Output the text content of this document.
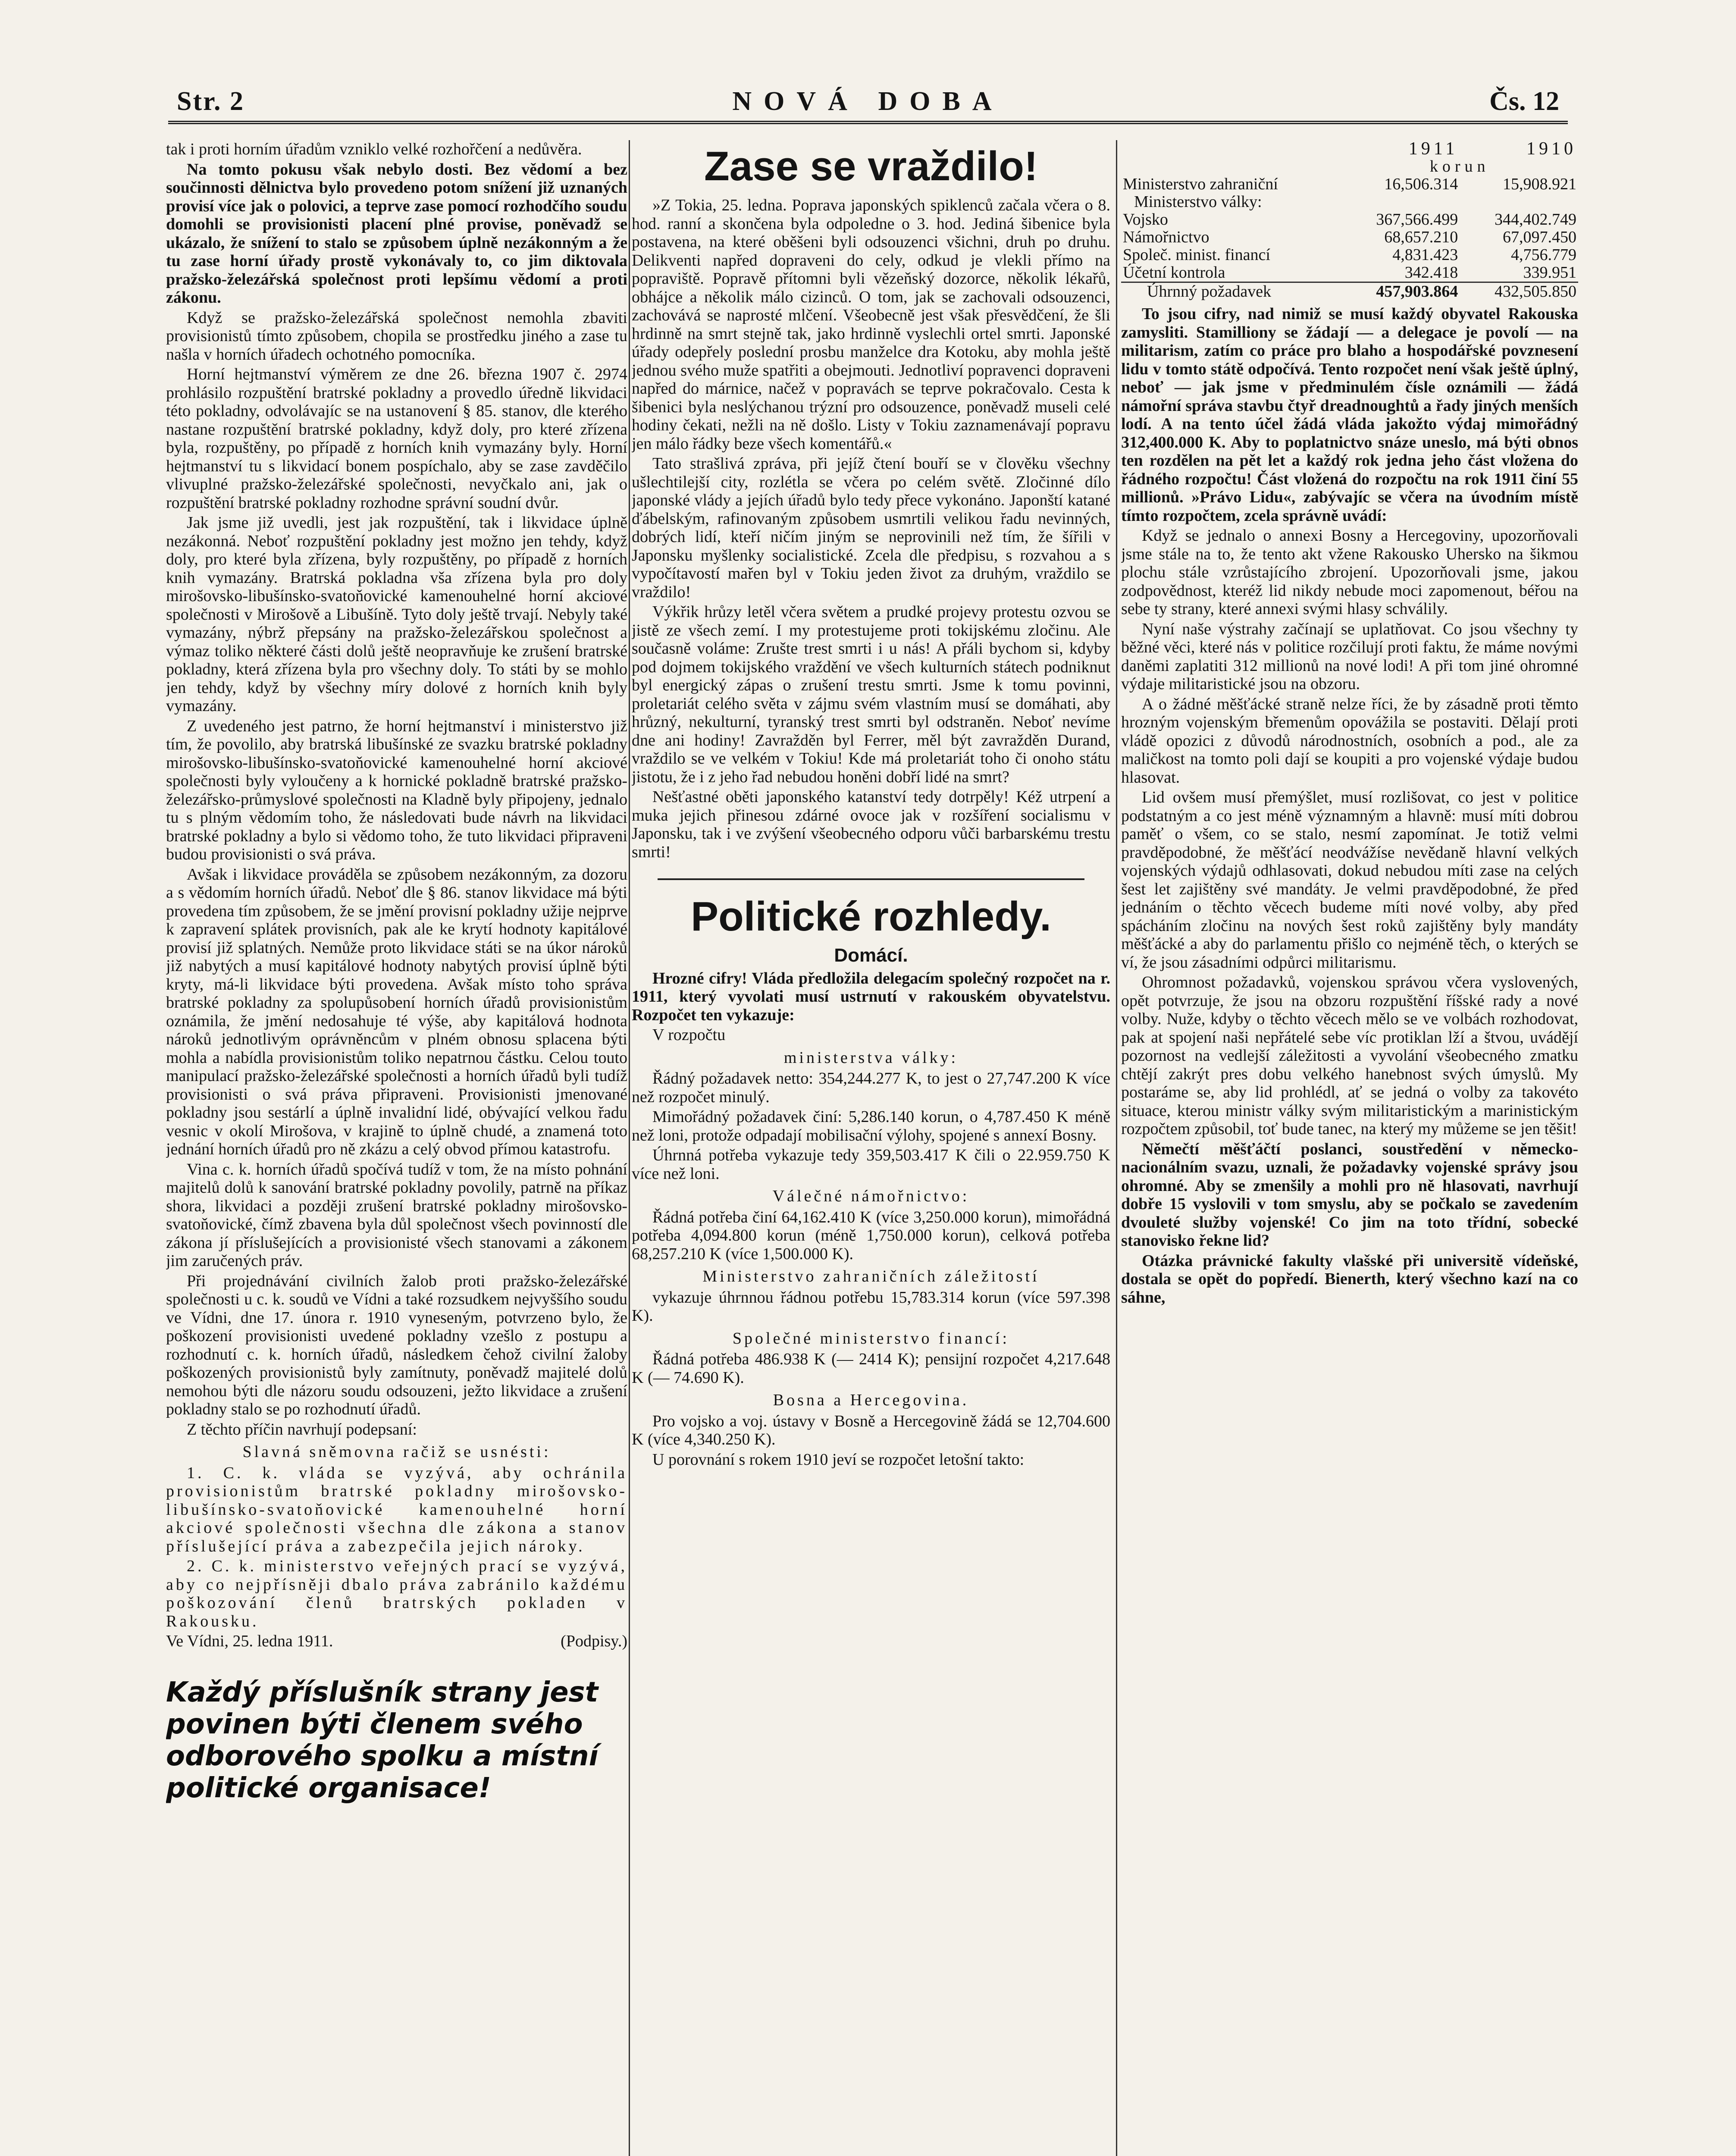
Str. 2	NOVÁ DOBA	Čs. 12

tak i proti horním úřadům vzniklo velké rozhořčení a nedůvěra.

Na tomto pokusu však nebylo dosti. Bez vědomí a bez součinnosti dělnictva bylo provedeno potom snížení již uznaných provisí více jak o polovici, a teprve zase pomocí rozhodčího soudu domohli se provisionisti placení plné provise, poněvadž se ukázalo, že snížení to stalo se způsobem úplně nezákonným a že tu zase horní úřady prostě vykonávaly to, co jim diktovala pražsko-železářská společnost proti lepšímu vědomí a proti zákonu.

Když se pražsko-železářská společnost nemohla zbaviti provisionistů tímto způsobem, chopila se prostředku jiného a zase tu našla v horních úřadech ochotného pomocníka.

Horní hejtmanství výměrem ze dne 26. března 1907 č. 2974 prohlásilo rozpuštění bratrské pokladny a provedlo úředně likvidaci této pokladny, odvolávajíc se na ustanovení § 85. stanov, dle kterého nastane rozpuštění bratrské pokladny, když doly, pro které zřízena byla, rozpuštěny, po případě z horních knih vymazány byly. Horní hejtmanství tu s likvidací bonem pospíchalo, aby se zase zavděčilo vlivuplné pražsko-železářské společnosti, nevyčkalo ani, jak o rozpuštění bratrské pokladny rozhodne správní soudní dvůr.

Jak jsme již uvedli, jest jak rozpuštění, tak i likvidace úplně nezákonná. Neboť rozpuštění pokladny jest možno jen tehdy, když doly, pro které byla zřízena, byly rozpuštěny, po případě z horních knih vymazány. Bratrská pokladna vša zřízena byla pro doly mirošovsko-libušínsko-svatoňovické kamenouhelné horní akciové společnosti v Mirošově a Libušíně. Tyto doly ještě trvají. Nebyly také vymazány, nýbrž přepsány na pražsko-železářskou společnost a výmaz toliko některé části dolů ještě neopravňuje ke zrušení bratrské pokladny, která zřízena byla pro všechny doly. To státi by se mohlo jen tehdy, když by všechny míry dolové z horních knih byly vymazány.

Z uvedeného jest patrno, že horní hejtmanství i ministerstvo již tím, že povolilo, aby bratrská libušínské ze svazku bratrské pokladny mirošovsko-libušínsko-svatoňovické kamenouhelné horní akciové společnosti byly vyloučeny a k hornické pokladně bratrské pražsko-železářsko-průmyslové společnosti na Kladně byly připojeny, jednalo tu s plným vědomím toho, že následovati bude návrh na likvidaci bratrské pokladny a bylo si vědomo toho, že tuto likvidaci připraveni budou provisionisti o svá práva.

Avšak i likvidace prováděla se způsobem nezákonným, za dozoru a s vědomím horních úřadů. Neboť dle § 86. stanov likvidace má býti provedena tím způsobem, že se jmění provisní pokladny užije nejprve k zapravení splátek provisních, pak ale ke krytí hodnoty kapitálové provisí již splatných. Nemůže proto likvidace státi se na úkor nároků již nabytých a musí kapitálové hodnoty nabytých provisí úplně býti kryty, má-li likvidace býti provedena. Avšak místo toho správa bratrské pokladny za spolupůsobení horních úřadů provisionistům oznámila, že jmění nedosahuje té výše, aby kapitálová hodnota nároků jednotlivým oprávněncům v plném obnosu splacena býti mohla a nabídla provisionistům toliko nepatrnou částku. Celou touto manipulací pražsko-železářské společnosti a horních úřadů byli tudíž provisionisti o svá práva připraveni. Provisionisti jmenované pokladny jsou sestárlí a úplně invalidní lidé, obývající velkou řadu vesnic v okolí Mirošova, v krajině to úplně chudé, a znamená toto jednání horních úřadů pro ně zkázu a celý obvod přímou katastrofu.

Vina c. k. horních úřadů spočívá tudíž v tom, že na místo pohnání majitelů dolů k sanování bratrské pokladny povolily, patrně na příkaz shora, likvidaci a později zrušení bratrské pokladny mirošovsko-svatoňovické, čímž zbavena byla důl společnost všech povinností dle zákona jí příslušejících a provisionisté všech stanovami a zákonem jim zaručených práv.

Při projednávání civilních žalob proti pražsko-železářské společnosti u c. k. soudů ve Vídni a také rozsudkem nejvyššího soudu ve Vídni, dne 17. února r. 1910 vyneseným, potvrzeno bylo, že poškození provisionisti uvedené pokladny vzešlo z postupu a rozhodnutí c. k. horních úřadů, následkem čehož civilní žaloby poškozených provisionistů byly zamítnuty, poněvadž majitelé dolů nemohou býti dle názoru soudu odsouzeni, ježto likvidace a zrušení pokladny stalo se po rozhodnutí úřadů.

Z těchto příčin navrhují podepsaní:

Slavná sněmovna račiž se usnésti:

1. C. k. vláda se vyzývá, aby ochránila provisionistům bratrské pokladny mirošovsko-libušínsko-svatoňovické kamenouhelné horní akciové společnosti všechna dle zákona a stanov příslušející práva a zabezpečila jejich nároky.

2. C. k. ministerstvo veřejných prací se vyzývá, aby co nejpřísněji dbalo práva zabránilo každému poškozování členů bratrských pokladen v Rakousku.

Ve Vídni, 25. ledna 1911.	(Podpisy.)
Každý příslušník strany jest povinen býti členem svého odborového spolku a místní politické organisace!
Zase se vraždilo!

»Z Tokia, 25. ledna. Poprava japonských spiklenců začala včera o 8. hod. ranní a skončena byla odpoledne o 3. hod. Jediná šibenice byla postavena, na které oběšeni byli odsouzenci všichni, druh po druhu. Delikventi napřed dopraveni do cely, odkud je vlekli přímo na popraviště. Popravě přítomni byli vězeňský dozorce, několik lékařů, obhájce a několik málo cizinců. O tom, jak se zachovali odsouzenci, zachovává se naprosté mlčení. Všeobecně jest však přesvědčení, že šli hrdinně na smrt stejně tak, jako hrdinně vyslechli ortel smrti. Japonské úřady odepřely poslední prosbu manželce dra Kotoku, aby mohla ještě jednou svého muže spatřiti a obejmouti. Jednotliví popravenci dopraveni napřed do márnice, načež v popravách se teprve pokračovalo. Cesta k šibenici byla neslýchanou trýzní pro odsouzence, poněvadž museli celé hodiny čekati, nežli na ně došlo. Listy v Tokiu zaznamenávají popravu jen málo řádky beze všech komentářů.«

Tato strašlivá zpráva, při jejíž čtení bouří se v člověku všechny ušlechtilejší city, rozlétla se včera po celém světě. Zločinné dílo japonské vlády a jejích úřadů bylo tedy přece vykonáno. Japonští katané ďábelským, rafinovaným způsobem usmrtili velikou řadu nevinných, dobrých lidí, kteří ničím jiným se neprovinili než tím, že šířili v Japonsku myšlenky socialistické. Zcela dle předpisu, s rozvahou a s vypočítavostí mařen byl v Tokiu jeden život za druhým, vraždilo se vraždilo!

Výkřik hrůzy letěl včera světem a prudké projevy protestu ozvou se jistě ze všech zemí. I my protestujeme proti tokijskému zločinu. Ale současně voláme: Zrušte trest smrti i u nás! A přáli bychom si, kdyby pod dojmem tokijského vraždění ve všech kulturních státech podniknut byl energický zápas o zrušení trestu smrti. Jsme k tomu povinni, proletariát celého světa v zájmu svém vlastním musí se domáhati, aby hrůzný, nekulturní, tyranský trest smrti byl odstraněn. Neboť nevíme dne ani hodiny! Zavražděn byl Ferrer, měl být zavražděn Durand, vraždilo se ve velkém v Tokiu! Kde má proletariát toho či onoho státu jistotu, že i z jeho řad nebudou honěni dobří lidé na smrt?

Nešťastné oběti japonského katanství tedy dotrpěly! Kéž utrpení a muka jejich přinesou zdárné ovoce jak v rozšíření socialismu v Japonsku, tak i ve zvýšení všeobecného odporu vůči barbarskému trestu smrti!

Politické rozhledy.
Domácí.

Hrozné cifry! Vláda předložila delegacím společný rozpočet na r. 1911, který vyvolati musí ustrnutí v rakouském obyvatelstvu. Rozpočet ten vykazuje:

V rozpočtu

ministerstva války:

Řádný požadavek netto: 354,244.277 K, to jest o 27,747.200 K více než rozpočet minulý.

Mimořádný požadavek činí: 5,286.140 korun, o 4,787.450 K méně než loni, protože odpadají mobilisační výlohy, spojené s annexí Bosny.

Úhrnná potřeba vykazuje tedy 359,503.417 K čili o 22.959.750 K více než loni.

Válečné námořnictvo:

Řádná potřeba činí 64,162.410 K (více 3,250.000 korun), mimořádná potřeba 4,094.800 korun (méně 1,750.000 korun), celková potřeba 68,257.210 K (více 1,500.000 K).

Ministerstvo zahraničních záležitostí

vykazuje úhrnnou řádnou potřebu 15,783.314 korun (více 597.398 K).

Společné ministerstvo financí:

Řádná potřeba 486.938 K (— 2414 K); pensijní rozpočet 4,217.648 K (— 74.690 K).

Bosna a Hercegovina.

Pro vojsko a voj. ústavy v Bosně a Hercegovině žádá se 12,704.600 K (více 4,340.250 K).

U porovnání s rokem 1910 jeví se rozpočet letošní takto:

	1911	1910
	korun	
Ministerstvo zahraniční	16,506.314	15,908.921
Ministerstvo války:		
Vojsko	367,566.499	344,402.749
Námořnictvo	68,657.210	67,097.450
Společ. minist. financí	4,831.423	4,756.779
Účetní kontrola	342.418	339.951
Úhrnný požadavek	457,903.864	432,505.850

To jsou cifry, nad nimiž se musí každý obyvatel Rakouska zamysliti. Stamilliony se žádají — a delegace je povolí — na militarism, zatím co práce pro blaho a hospodářské povznesení lidu v tomto státě odpočívá. Tento rozpočet není však ještě úplný, neboť — jak jsme v předminulém čísle oznámili — žádá námořní správa stavbu čtyř dreadnoughtů a řady jiných menších lodí. A na tento účel žádá vláda jakožto výdaj mimořádný 312,400.000 K. Aby to poplatnictvo snáze uneslo, má býti obnos ten rozdělen na pět let a každý rok jedna jeho část vložena do řádného rozpočtu! Část vložená do rozpočtu na rok 1911 činí 55 millionů. »Právo Lidu«, zabývajíc se včera na úvodním místě tímto rozpočtem, zcela správně uvádí:

Když se jednalo o annexi Bosny a Hercegoviny, upozorňovali jsme stále na to, že tento akt vžene Rakousko Uhersko na šikmou plochu stále vzrůstajícího zbrojení. Upozorňovali jsme, jakou zodpovědnost, kteréž lid nikdy nebude moci zapomenout, béřou na sebe ty strany, které annexi svými hlasy schválily.

Nyní naše výstrahy začínají se uplatňovat. Co jsou všechny ty běžné věci, které nás v politice rozčilují proti faktu, že máme novými daněmi zaplatiti 312 millionů na nové lodi! A při tom jiné ohromné výdaje militaristické jsou na obzoru.

A o žádné měšťácké straně nelze říci, že by zásadně proti těmto hrozným vojenským břemenům opovážila se postaviti. Dělají proti vládě opozici z důvodů národnostních, osobních a pod., ale za maličkost na tomto poli dají se koupiti a pro vojenské výdaje budou hlasovat.

Lid ovšem musí přemýšlet, musí rozlišovat, co jest v politice podstatným a co jest méně významným a hlavně: musí míti dobrou paměť o všem, co se stalo, nesmí zapomínat. Je totiž velmi pravděpodobné, že měšťácí neodvážíse nevědaně hlavní velkých vojenských výdajů odhlasovati, dokud nebudou míti zase na celých šest let zajištěny své mandáty. Je velmi pravděpodobné, že před jednáním o těchto věcech budeme míti nové volby, aby před spácháním zločinu na nových šest roků zajištěny byly mandáty měšťácké a aby do parlamentu přišlo co nejméně těch, o kterých se ví, že jsou zásadními odpůrci militarismu.

Ohromnost požadavků, vojenskou správou včera vyslovených, opět potvrzuje, že jsou na obzoru rozpuštění říšské rady a nové volby. Nuže, kdyby o těchto věcech mělo se ve volbách rozhodovat, pak at spojení naši nepřátelé sebe víc protiklan lží a štvou, uvádějí pozornost na vedlejší záležitosti a vyvolání všeobecného zmatku chtějí zakrýt pres dobu velkého hanebnost svých úmyslů. My postaráme se, aby lid prohlédl, ať se jedná o volby za takovéto situace, kterou ministr války svým militaristickým a marinistickým rozpočtem způsobil, toť bude tanec, na který my můžeme se jen těšit!

Němečtí měšťáčtí poslanci, soustředění v německo-nacionálním svazu, uznali, že požadavky vojenské správy jsou ohromné. Aby se zmenšily a mohli pro ně hlasovati, navrhují dobře 15 vyslovili v tom smyslu, aby se počkalo se zavedením dvouleté služby vojenské! Co jim na toto třídní, sobecké stanovisko řekne lid?

Otázka právnické fakulty vlašské při universitě vídeňské, dostala se opět do popředí. Bienerth, který všechno kazí na co sáhne,
